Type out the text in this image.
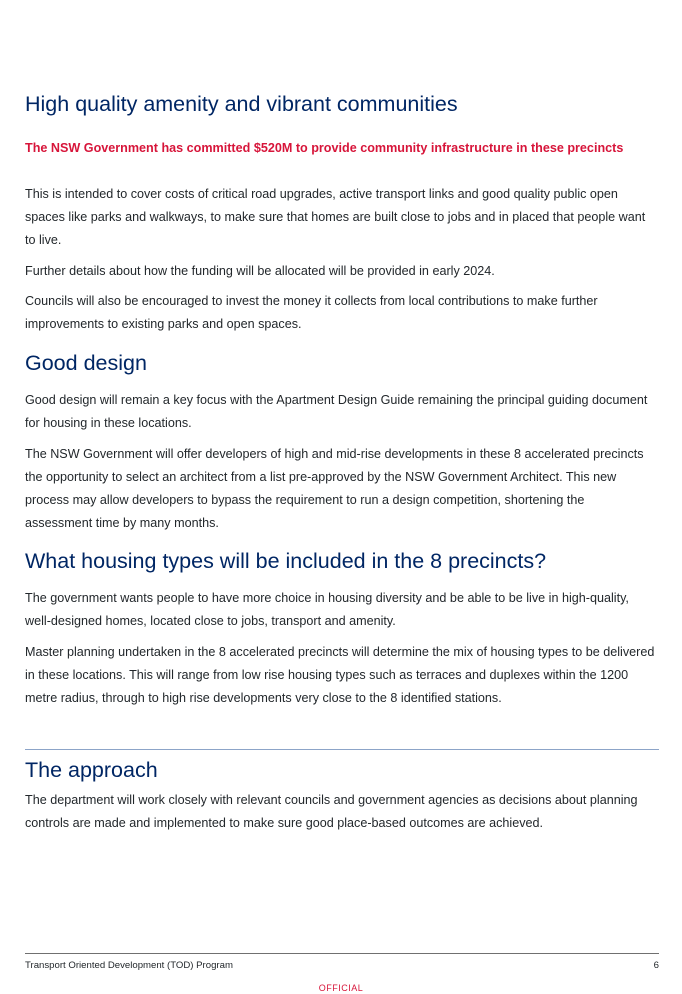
High quality amenity and vibrant communities
The NSW Government has committed $520M to provide community infrastructure in these precincts

This is intended to cover costs of critical road upgrades, active transport links and good quality public open spaces like parks and walkways, to make sure that homes are built close to jobs and in placed that people want to live.

Further details about how the funding will be allocated will be provided in early 2024.

Councils will also be encouraged to invest the money it collects from local contributions to make further improvements to existing parks and open spaces.

Good design

Good design will remain a key focus with the Apartment Design Guide remaining the principal guiding document for housing in these locations.

The NSW Government will offer developers of high and mid-rise developments in these 8 accelerated precincts the opportunity to select an architect from a list pre-approved by the NSW Government Architect. This new process may allow developers to bypass the requirement to run a design competition, shortening the assessment time by many months.

What housing types will be included in the 8 precincts?

The government wants people to have more choice in housing diversity and be able to be live in high-quality, well-designed homes, located close to jobs, transport and amenity.

Master planning undertaken in the 8 accelerated precincts will determine the mix of housing types to be delivered in these locations. This will range from low rise housing types such as terraces and duplexes within the 1200 metre radius, through to high rise developments very close to the 8 identified stations.

The approach

The department will work closely with relevant councils and government agencies as decisions about planning controls are made and implemented to make sure good place-based outcomes are achieved.

Transport Oriented Development (TOD) Program	6
OFFICIAL
